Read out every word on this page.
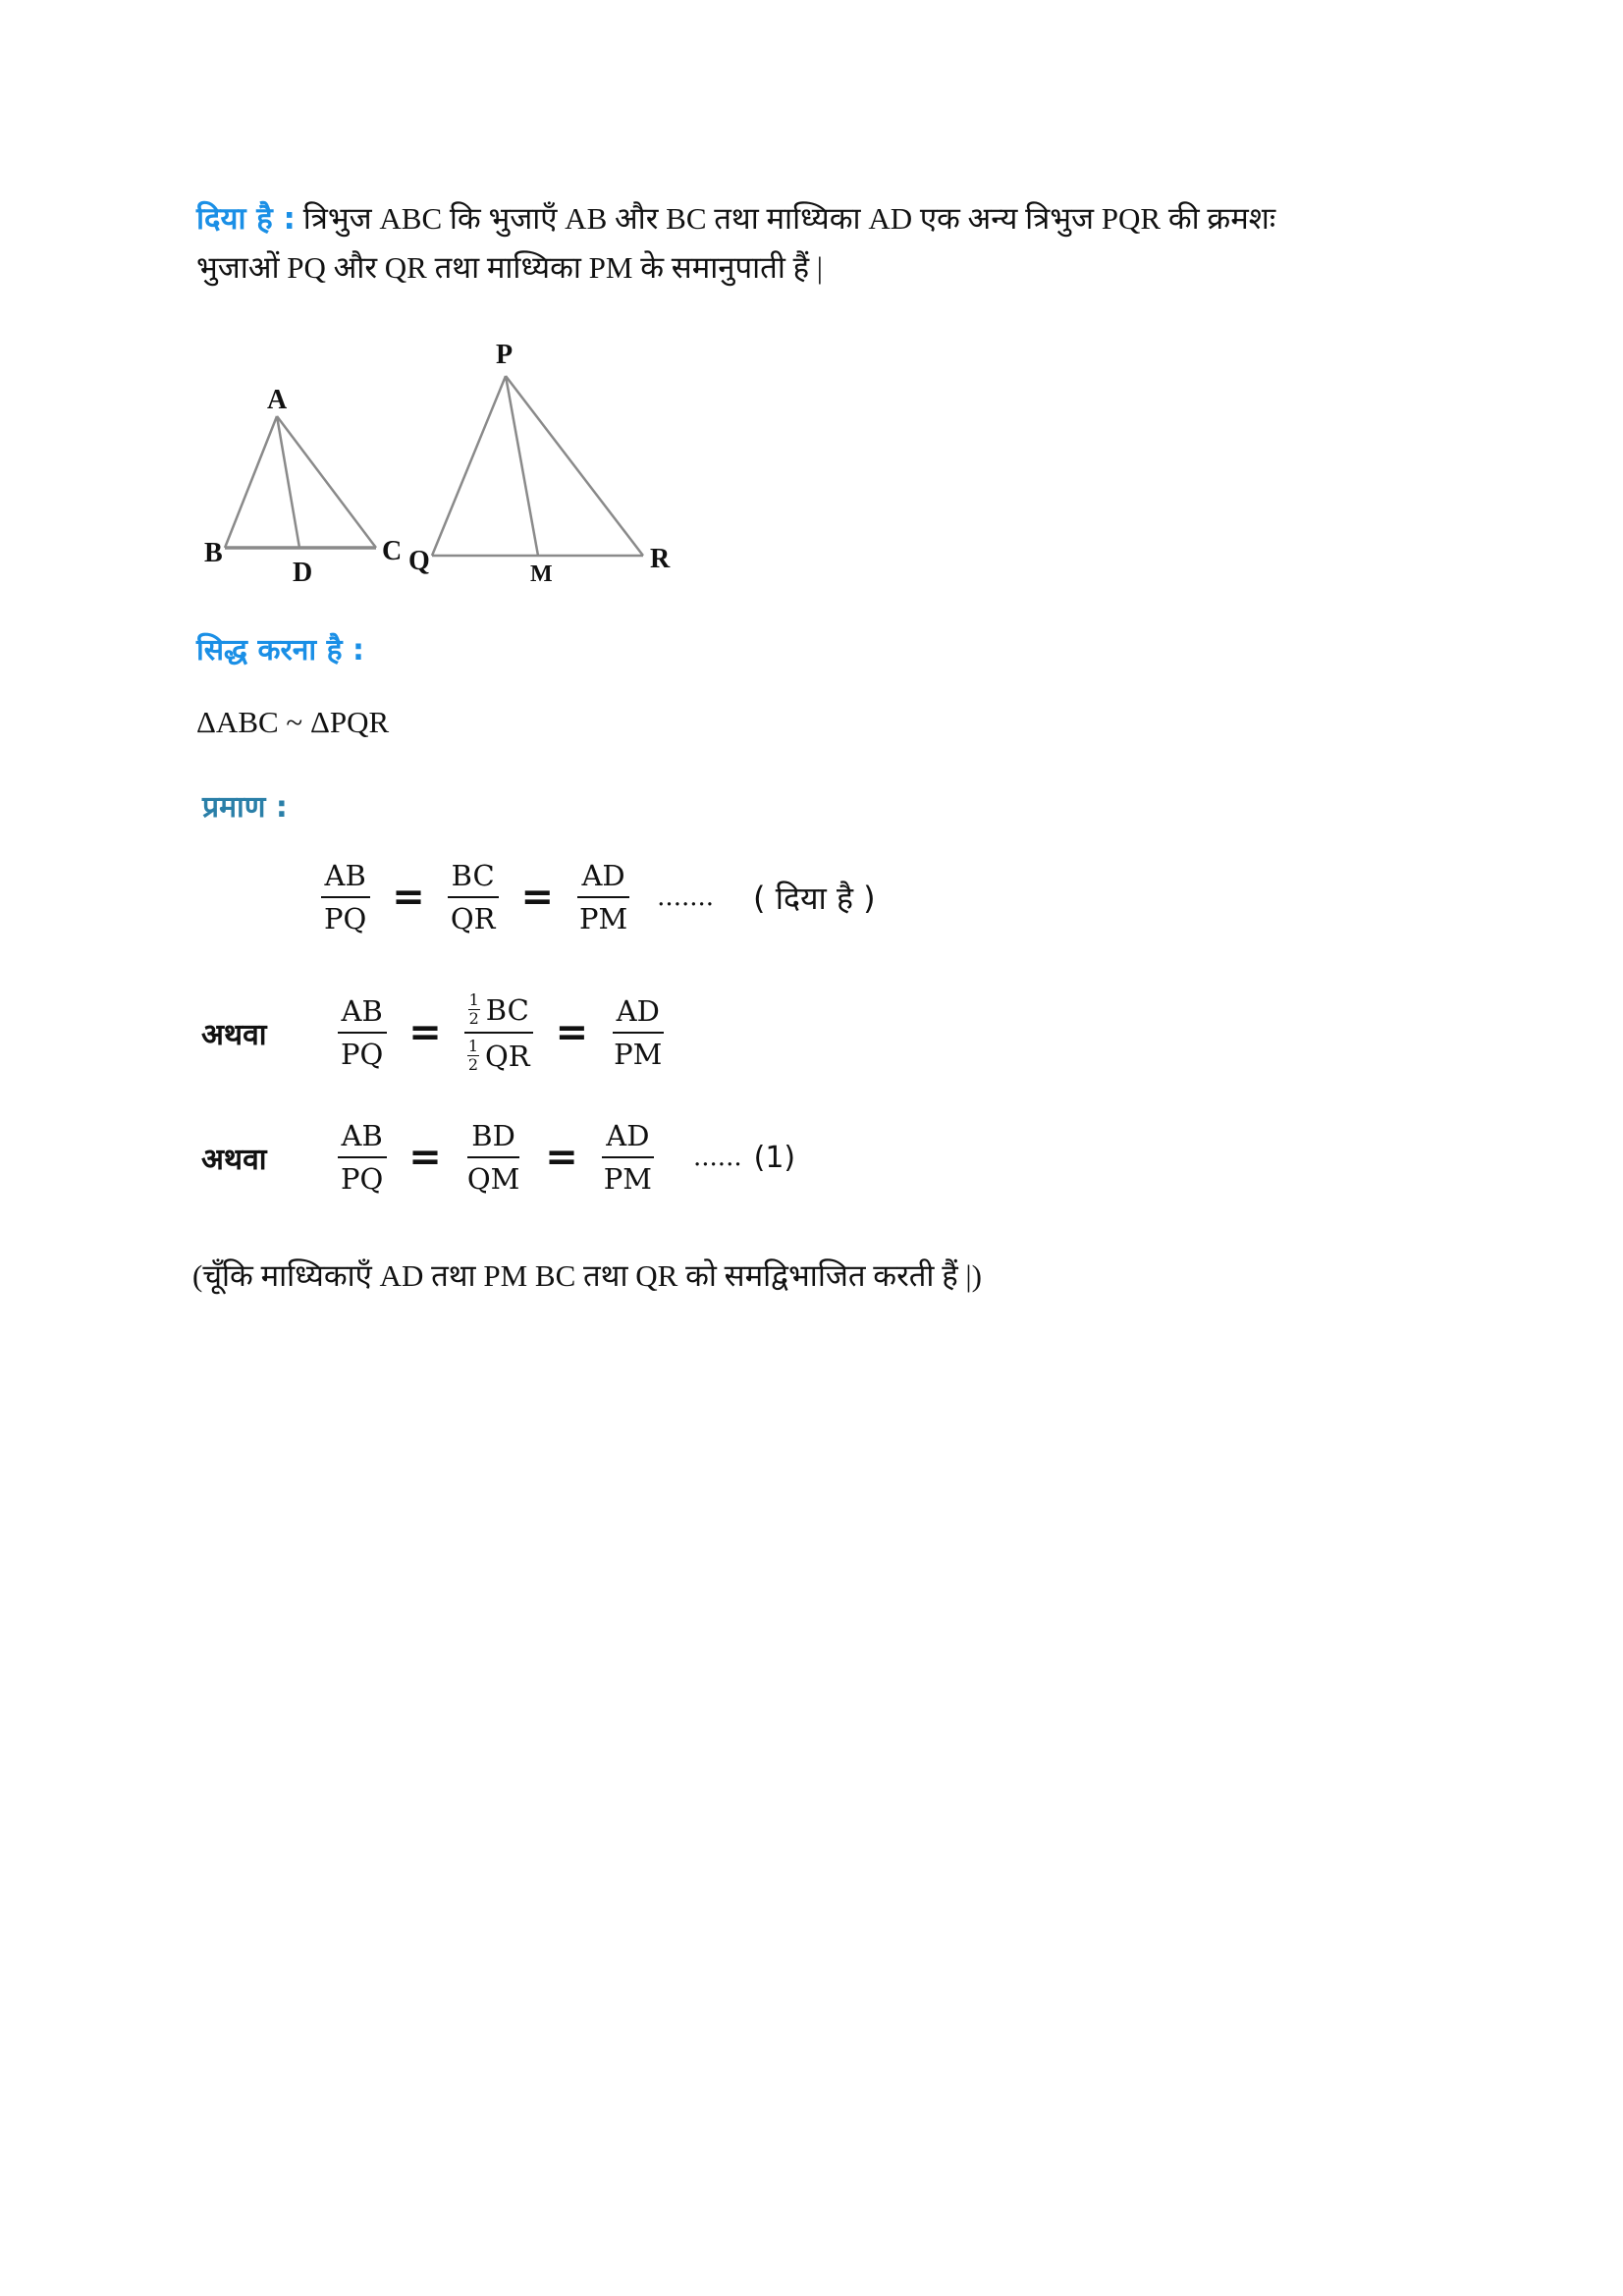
दिया है : त्रिभुज ABC कि भुजाएँ AB और BC तथा माध्यिका AD एक अन्य त्रिभुज PQR की क्रमशः
भुजाओं PQ और QR तथा माध्यिका PM के समानुपाती हैं |
A
B	C
D
P
Q	R
M
सिद्ध करना है :
ΔABC ~ ΔPQR
प्रमाण :
$\frac{AB}{PQ} = \frac{BC}{QR} = \frac{AD}{PM}$ ....... ( दिया है )
अथवा	$\frac{AB}{PQ} = 1$
2 BC
1
2 QR = $\frac{AD}{PM}$
अथवा	$\frac{AB}{PQ} = \frac{BD}{QM} = \frac{AD}{PM}$ ...... (1)
(चूँकि माध्यिकाएँ AD तथा PM BC तथा QR को समद्विभाजित करती हैं |)
